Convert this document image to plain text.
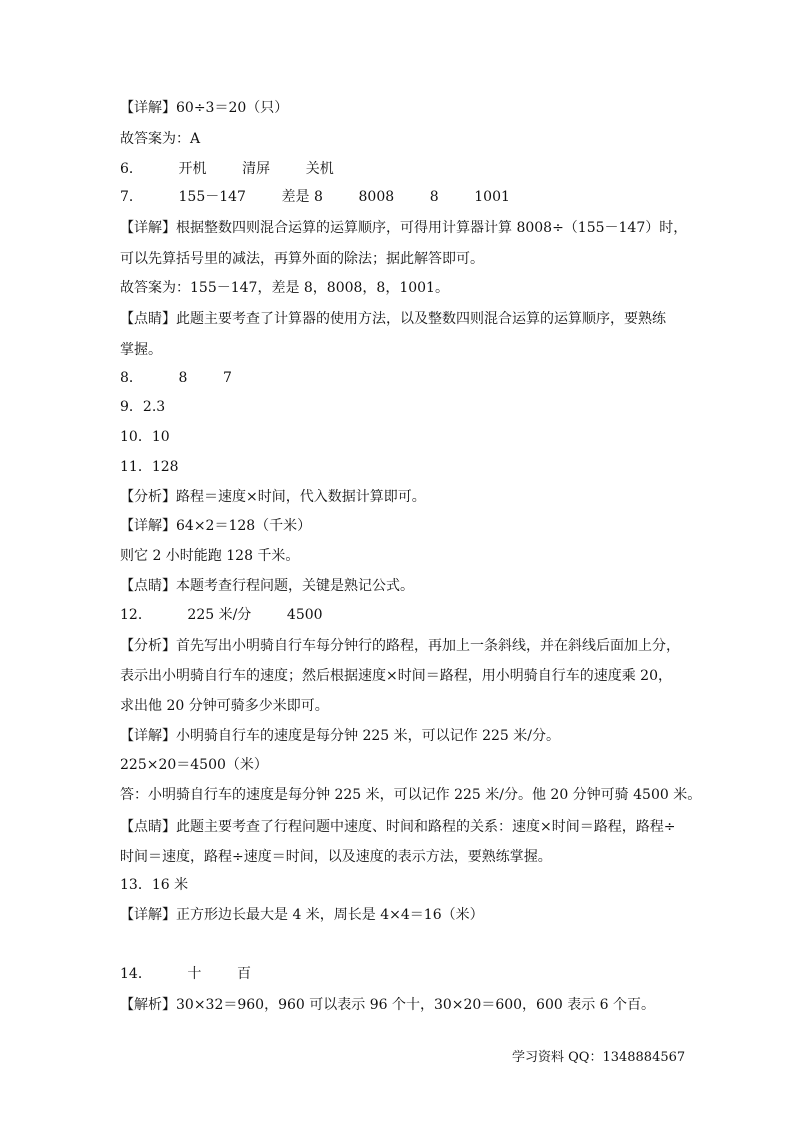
【详解】60÷3＝20（只）
故答案为：A
6．        开机        清屏        关机
7．        155－147        差是 8        8008        8        1001
【详解】根据整数四则混合运算的运算顺序，可得用计算器计算 8008÷（155－147）时，
可以先算括号里的减法，再算外面的除法；据此解答即可。
故答案为：155－147，差是 8，8008，8，1001。
【点睛】此题主要考查了计算器的使用方法，以及整数四则混合运算的运算顺序，要熟练
掌握。
8．        8        7
9．2.3
10．10
11．128
【分析】路程＝速度×时间，代入数据计算即可。
【详解】64×2＝128（千米）
则它 2 小时能跑 128 千米。
【点睛】本题考查行程问题，关键是熟记公式。
12．        225 米/分        4500
【分析】首先写出小明骑自行车每分钟行的路程，再加上一条斜线，并在斜线后面加上分，
表示出小明骑自行车的速度；然后根据速度×时间＝路程，用小明骑自行车的速度乘 20，
求出他 20 分钟可骑多少米即可。
【详解】小明骑自行车的速度是每分钟 225 米，可以记作 225 米/分。
225×20＝4500（米）
答：小明骑自行车的速度是每分钟 225 米，可以记作 225 米/分。他 20 分钟可骑 4500 米。
【点睛】此题主要考查了行程问题中速度、时间和路程的关系：速度×时间＝路程，路程÷
时间＝速度，路程÷速度＝时间，以及速度的表示方法，要熟练掌握。
13．16 米
【详解】正方形边长最大是 4 米，周长是 4×4＝16（米）
14．        十        百
【解析】30×32＝960，960 可以表示 96 个十，30×20＝600，600 表示 6 个百。
学习资料 QQ：1348884567
